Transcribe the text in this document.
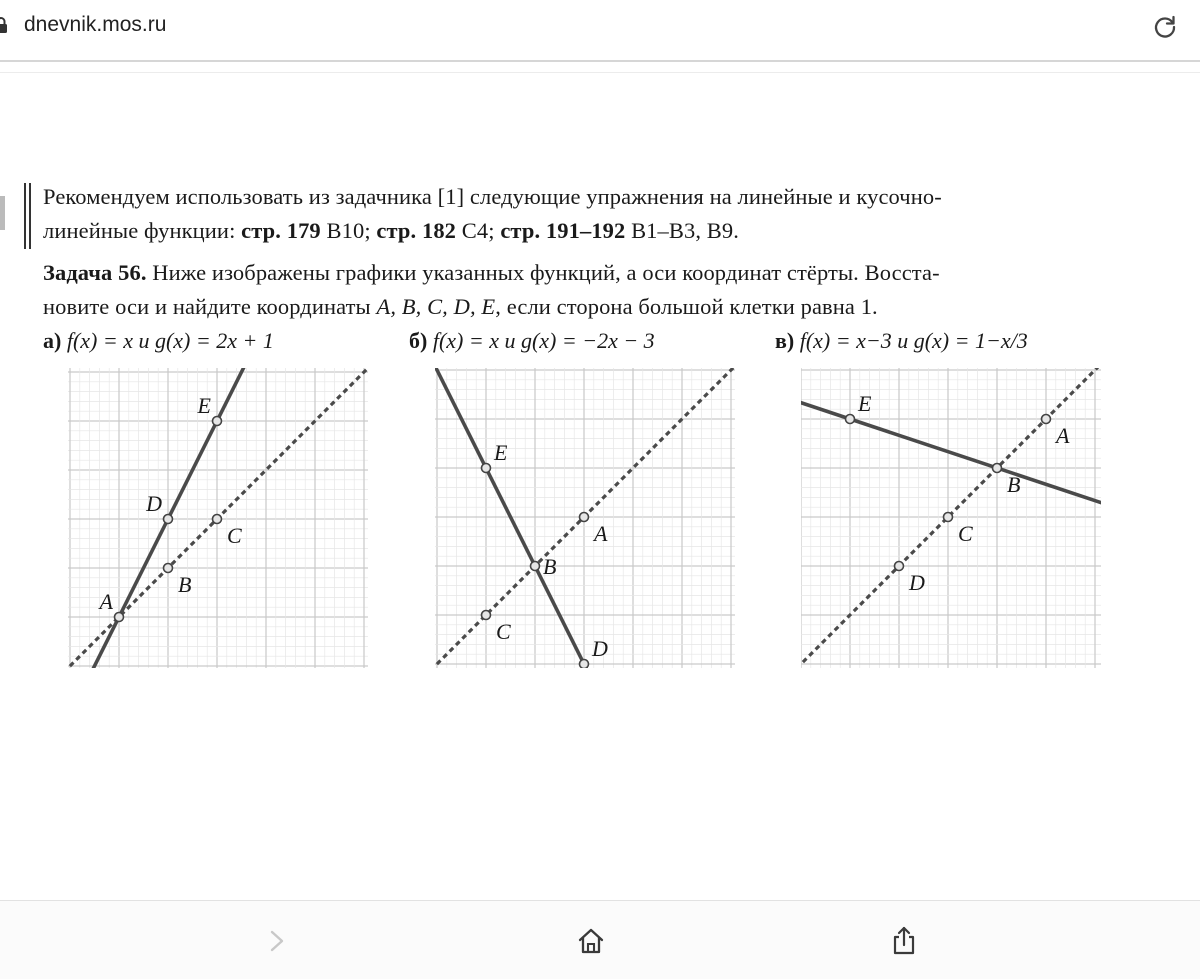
dnevnik.mos.ru
Рекомендуем использовать из задачника [1] следующие упражнения на линейные и кусочно-
линейные функции: стр. 179 В10; стр. 182 С4; стр. 191–192 В1–В3, В9.
Задача 56. Ниже изображены графики указанных функций, а оси координат стёрты. Восста-
новите оси и найдите координаты A, B, C, D, E, если сторона большой клетки равна 1.
а) f(x) = x и g(x) = 2x + 1	б) f(x) = x и g(x) = −2x − 3	в) f(x) = x−3 и g(x) = 1−x/3
A
B
C
D
E
A
B
C
D
E
A
B
C
D
E
